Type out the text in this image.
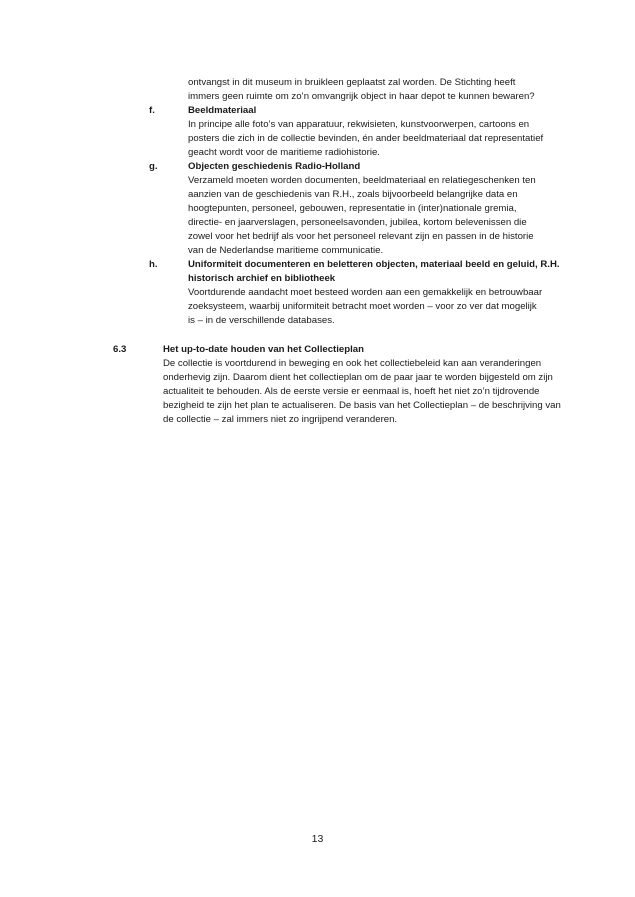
ontvangst in dit museum in bruikleen geplaatst zal worden. De Stichting heeft
immers geen ruimte om zo’n omvangrijk object in haar depot te kunnen bewaren?
f.	Beeldmateriaal
In principe alle foto’s van apparatuur, rekwisieten, kunstvoorwerpen, cartoons en
posters die zich in de collectie bevinden, én ander beeldmateriaal dat representatief
geacht wordt voor de maritieme radiohistorie.
g.	Objecten geschiedenis Radio-Holland
Verzameld moeten worden documenten, beeldmateriaal en relatiegeschenken ten
aanzien van de geschiedenis van R.H., zoals bijvoorbeeld belangrijke data en
hoogtepunten, personeel, gebouwen, representatie in (inter)nationale gremia,
directie- en jaarverslagen, personeelsavonden, jubilea, kortom belevenissen die
zowel voor het bedrijf als voor het personeel relevant zijn en passen in de historie
van de Nederlandse maritieme communicatie.
h.	Uniformiteit documenteren en beletteren objecten, materiaal beeld en geluid, R.H.
historisch archief en bibliotheek
Voortdurende aandacht moet besteed worden aan een gemakkelijk en betrouwbaar
zoeksysteem, waarbij uniformiteit betracht moet worden – voor zo ver dat mogelijk
is – in de verschillende databases.
6.3	Het up-to-date houden van het Collectieplan
De collectie is voortdurend in beweging en ook het collectiebeleid kan aan veranderingen
onderhevig zijn. Daarom dient het collectieplan om de paar jaar te worden bijgesteld om zijn
actualiteit te behouden. Als de eerste versie er eenmaal is, hoeft het niet zo’n tijdrovende
bezigheid te zijn het plan te actualiseren. De basis van het Collectieplan – de beschrijving van
de collectie – zal immers niet zo ingrijpend veranderen.
13
